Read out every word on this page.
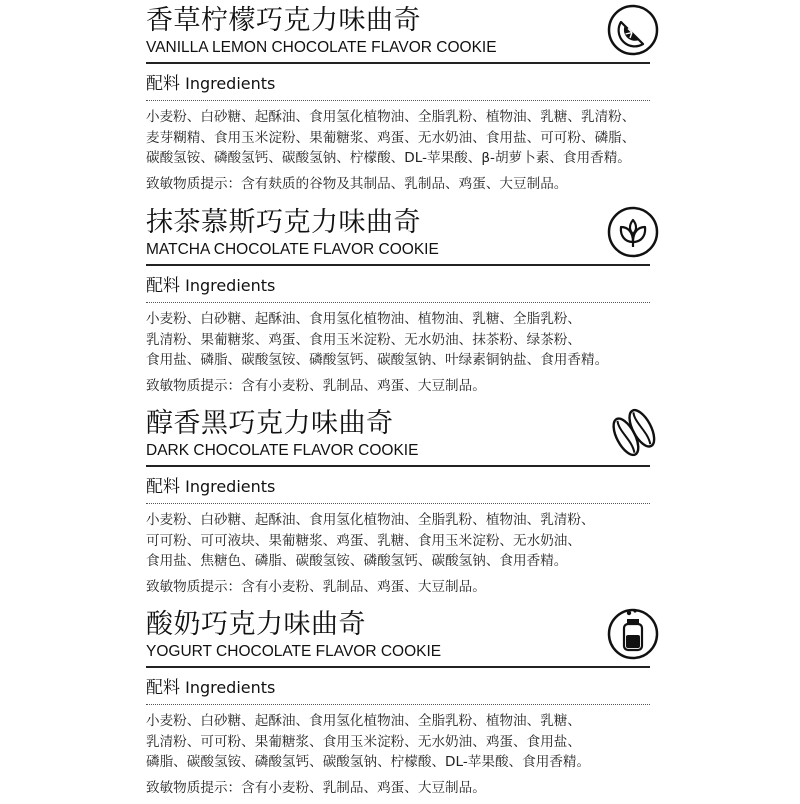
香草柠檬巧克力味曲奇
VANILLA LEMON CHOCOLATE FLAVOR COOKIE
配料 Ingredients
小麦粉、白砂糖、起酥油、食用氢化植物油、全脂乳粉、植物油、乳糖、乳清粉、
麦芽糊精、食用玉米淀粉、果葡糖浆、鸡蛋、无水奶油、食用盐、可可粉、磷脂、
碳酸氢铵、磷酸氢钙、碳酸氢钠、柠檬酸、DL-苹果酸、β-胡萝卜素、食用香精。
致敏物质提示：含有麸质的谷物及其制品、乳制品、鸡蛋、大豆制品。
抹茶慕斯巧克力味曲奇
MATCHA CHOCOLATE FLAVOR COOKIE
配料 Ingredients
小麦粉、白砂糖、起酥油、食用氢化植物油、植物油、乳糖、全脂乳粉、
乳清粉、果葡糖浆、鸡蛋、食用玉米淀粉、无水奶油、抹茶粉、绿茶粉、
食用盐、磷脂、碳酸氢铵、磷酸氢钙、碳酸氢钠、叶绿素铜钠盐、食用香精。
致敏物质提示：含有小麦粉、乳制品、鸡蛋、大豆制品。
醇香黑巧克力味曲奇
DARK CHOCOLATE FLAVOR COOKIE
配料 Ingredients
小麦粉、白砂糖、起酥油、食用氢化植物油、全脂乳粉、植物油、乳清粉、
可可粉、可可液块、果葡糖浆、鸡蛋、乳糖、食用玉米淀粉、无水奶油、
食用盐、焦糖色、磷脂、碳酸氢铵、磷酸氢钙、碳酸氢钠、食用香精。
致敏物质提示：含有小麦粉、乳制品、鸡蛋、大豆制品。
酸奶巧克力味曲奇
YOGURT CHOCOLATE FLAVOR COOKIE
配料 Ingredients
小麦粉、白砂糖、起酥油、食用氢化植物油、全脂乳粉、植物油、乳糖、
乳清粉、可可粉、果葡糖浆、食用玉米淀粉、无水奶油、鸡蛋、食用盐、
磷脂、碳酸氢铵、磷酸氢钙、碳酸氢钠、柠檬酸、DL-苹果酸、食用香精。
致敏物质提示：含有小麦粉、乳制品、鸡蛋、大豆制品。
